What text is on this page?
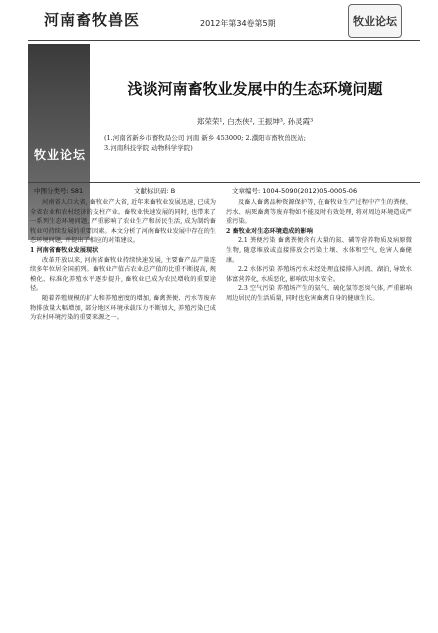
河南畜牧兽医	2012年第34卷第5期	牧业论坛
牧业论坛
浅谈河南畜牧业发展中的生态环境问题
郑荣荣¹, 白杰侠², 王振坤³, 孙灵霞³
(1.河南省新乡市畜牧局公司 河南 新乡 453000; 2.濮阳市畜牧兽医站;
3.河南科技学院 动物科学学院)
中图分类号: S81	文献标识码: B	文章编号: 1004-5090(2012)05-0005-06

河南省人口大省, 畜牧业产大省, 近年来畜牧业发展迅速, 已成为全省农业和农村经济的支柱产业。畜牧业快速发展的同时, 也带来了一系列生态环境问题, 严重影响了农业生产和居民生活, 成为制约畜牧业可持续发展的重要因素。本文分析了河南畜牧业发展中存在的生态环境问题, 并提出了相应的对策建议。

1 河南省畜牧业发展现状

改革开放以来, 河南省畜牧业持续快速发展, 主要畜产品产量连续多年位居全国前列。畜牧业产值占农业总产值的比重不断提高, 规模化、标准化养殖水平逐步提升, 畜牧业已成为农民增收的重要途径。

随着养殖规模的扩大和养殖密度的增加, 畜禽粪便、污水等废弃物排放量大幅增加, 部分地区环境承载压力不断加大, 养殖污染已成为农村环境污染的重要来源之一。

及畜人畜禽品种资源保护等, 在畜牧业生产过程中产生的粪便、污水、病死畜禽等废弃物如不能及时有效处理, 将对周边环境造成严重污染。

2 畜牧业对生态环境造成的影响

2.1 粪便污染 畜禽粪便含有大量的氮、磷等营养物质及病原微生物, 随意堆放或直接排放会污染土壤、水体和空气, 危害人畜健康。

2.2 水体污染 养殖场污水未经处理直接排入河流、湖泊, 导致水体富营养化, 水质恶化, 影响饮用水安全。

2.3 空气污染 养殖场产生的氨气、硫化氢等恶臭气体, 严重影响周边居民的生活质量, 同时也危害畜禽自身的健康生长。
